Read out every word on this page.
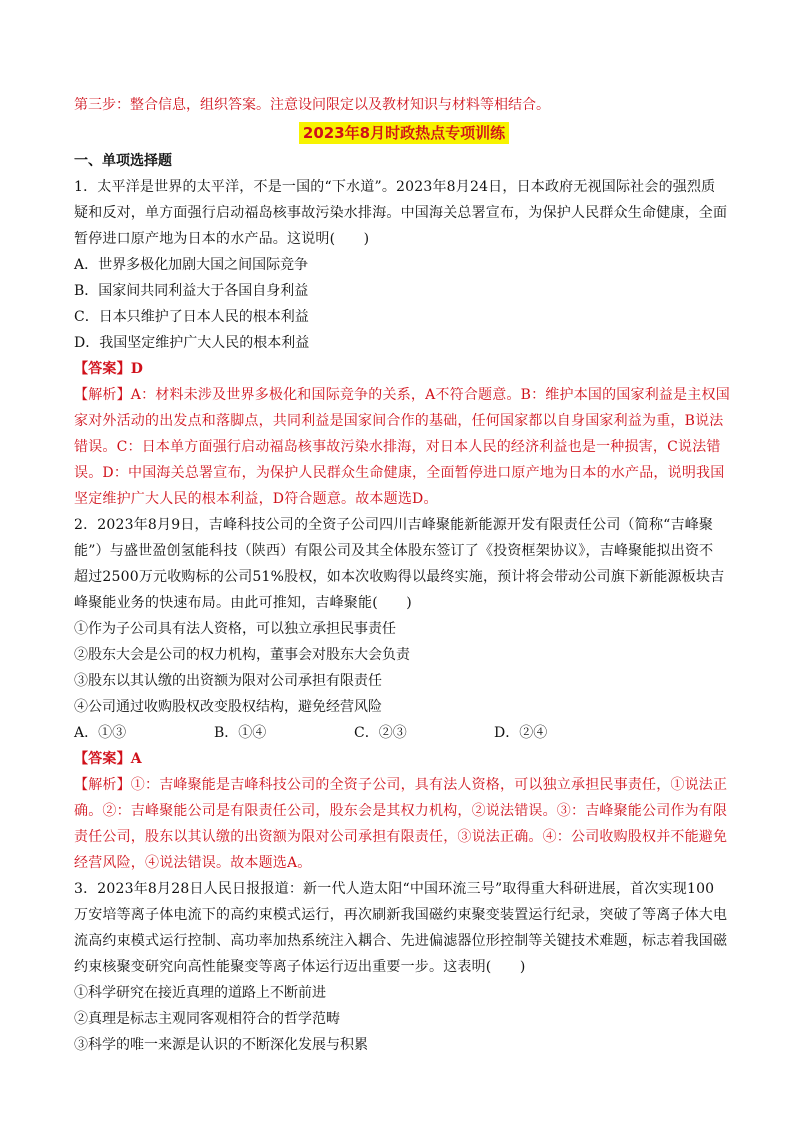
第三步：整合信息，组织答案。注意设问限定以及教材知识与材料等相结合。
2023年8月时政热点专项训练
一、单项选择题
1．太平洋是世界的太平洋，不是一国的“下水道”。2023年8月24日，日本政府无视国际社会的强烈质
疑和反对，单方面强行启动福岛核事故污染水排海。中国海关总署宣布，为保护人民群众生命健康，全面
暂停进口原产地为日本的水产品。这说明(　　)
A．世界多极化加剧大国之间国际竞争
B．国家间共同利益大于各国自身利益
C．日本只维护了日本人民的根本利益
D．我国坚定维护广大人民的根本利益
【答案】D
【解析】A：材料未涉及世界多极化和国际竞争的关系，A不符合题意。B：维护本国的国家利益是主权国
家对外活动的出发点和落脚点，共同利益是国家间合作的基础，任何国家都以自身国家利益为重，B说法
错误。C：日本单方面强行启动福岛核事故污染水排海，对日本人民的经济利益也是一种损害，C说法错
误。D：中国海关总署宣布，为保护人民群众生命健康，全面暂停进口原产地为日本的水产品，说明我国
坚定维护广大人民的根本利益，D符合题意。故本题选D。
2．2023年8月9日，吉峰科技公司的全资子公司四川吉峰聚能新能源开发有限责任公司（简称“吉峰聚
能”）与盛世盈创氢能科技（陕西）有限公司及其全体股东签订了《投资框架协议》，吉峰聚能拟出资不
超过2500万元收购标的公司51%股权，如本次收购得以最终实施，预计将会带动公司旗下新能源板块吉
峰聚能业务的快速布局。由此可推知，吉峰聚能(　　)
①作为子公司具有法人资格，可以独立承担民事责任
②股东大会是公司的权力机构，董事会对股东大会负责
③股东以其认缴的出资额为限对公司承担有限责任
④公司通过收购股权改变股权结构，避免经营风险
A．①③	B．①④	C．②③	D．②④
【答案】A
【解析】①：吉峰聚能是吉峰科技公司的全资子公司，具有法人资格，可以独立承担民事责任，①说法正
确。②：吉峰聚能公司是有限责任公司，股东会是其权力机构，②说法错误。③：吉峰聚能公司作为有限
责任公司，股东以其认缴的出资额为限对公司承担有限责任，③说法正确。④：公司收购股权并不能避免
经营风险，④说法错误。故本题选A。
3．2023年8月28日人民日报报道：新一代人造太阳“中国环流三号”取得重大科研进展，首次实现100
万安培等离子体电流下的高约束模式运行，再次刷新我国磁约束聚变装置运行纪录，突破了等离子体大电
流高约束模式运行控制、高功率加热系统注入耦合、先进偏滤器位形控制等关键技术难题，标志着我国磁
约束核聚变研究向高性能聚变等离子体运行迈出重要一步。这表明(　　)
①科学研究在接近真理的道路上不断前进
②真理是标志主观同客观相符合的哲学范畴
③科学的唯一来源是认识的不断深化发展与积累
